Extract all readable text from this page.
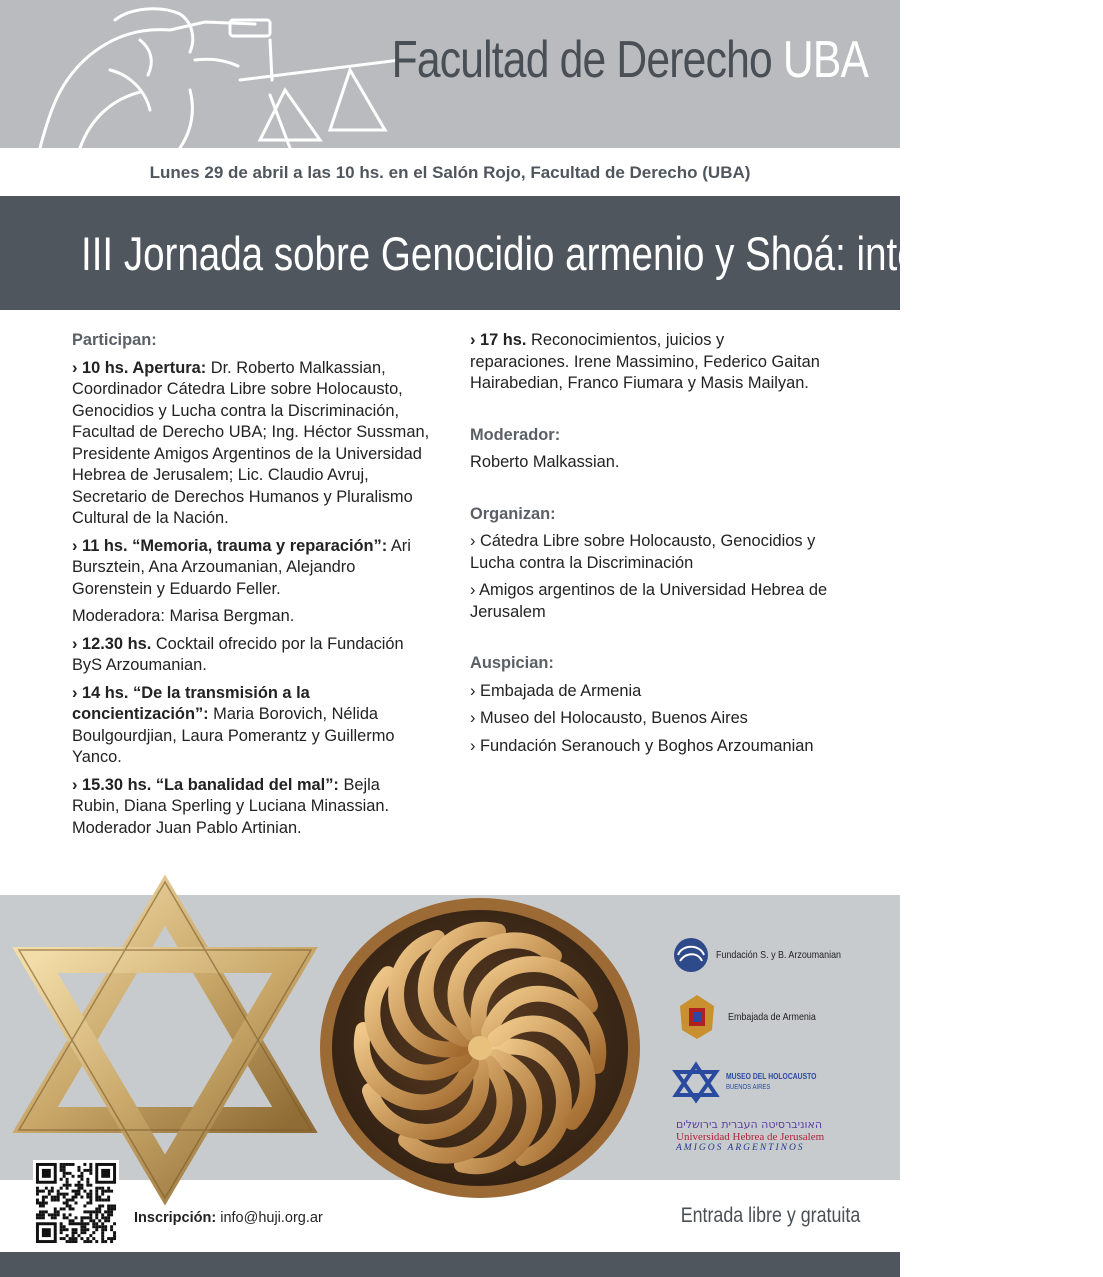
Facultad de Derecho UBA
Lunes 29 de abril a las 10 hs. en el Salón Rojo, Facultad de Derecho (UBA)
III Jornada sobre Genocidio armenio y Shoá: intersecciones
Participan:
› 10 hs. Apertura: Dr. Roberto Malkassian, Coordinador Cátedra Libre sobre Holocausto, Genocidios y Lucha contra la Discriminación, Facultad de Derecho UBA; Ing. Héctor Sussman, Presidente Amigos Argentinos de la Universidad Hebrea de Jerusalem; Lic. Claudio Avruj, Secretario de Derechos Humanos y Pluralismo Cultural de la Nación.
› 11 hs. “Memoria, trauma y reparación”: Ari Bursztein, Ana Arzoumanian, Alejandro Gorenstein y Eduardo Feller.
Moderadora: Marisa Bergman.
› 12.30 hs. Cocktail ofrecido por la Fundación ByS Arzoumanian.
› 14 hs. “De la transmisión a la concientización”: Maria Borovich, Nélida Boulgourdjian, Laura Pomerantz y Guillermo Yanco.
› 15.30 hs. “La banalidad del mal”: Bejla Rubin, Diana Sperling y Luciana Minassian. Moderador Juan Pablo Artinian.
› 17 hs. Reconocimientos, juicios y reparaciones. Irene Massimino, Federico Gaitan Hairabedian, Franco Fiumara y Masis Mailyan.
Moderador:
Roberto Malkassian.
Organizan:
› Cátedra Libre sobre Holocausto, Genocidios y Lucha contra la Discriminación
› Amigos argentinos de la Universidad Hebrea de Jerusalem
Auspician:
› Embajada de Armenia
› Museo del Holocausto, Buenos Aires
› Fundación Seranouch y Boghos Arzoumanian
Fundación S. y B. Arzoumanian
Embajada de Armenia
MUSEO DEL HOLOCAUSTO
BUENOS AIRES
האוניברסיטה העברית בירושלים
Universidad Hebrea de Jerusalem
AMIGOS ARGENTINOS
Inscripción: info@huji.org.ar	Entrada libre y gratuita
